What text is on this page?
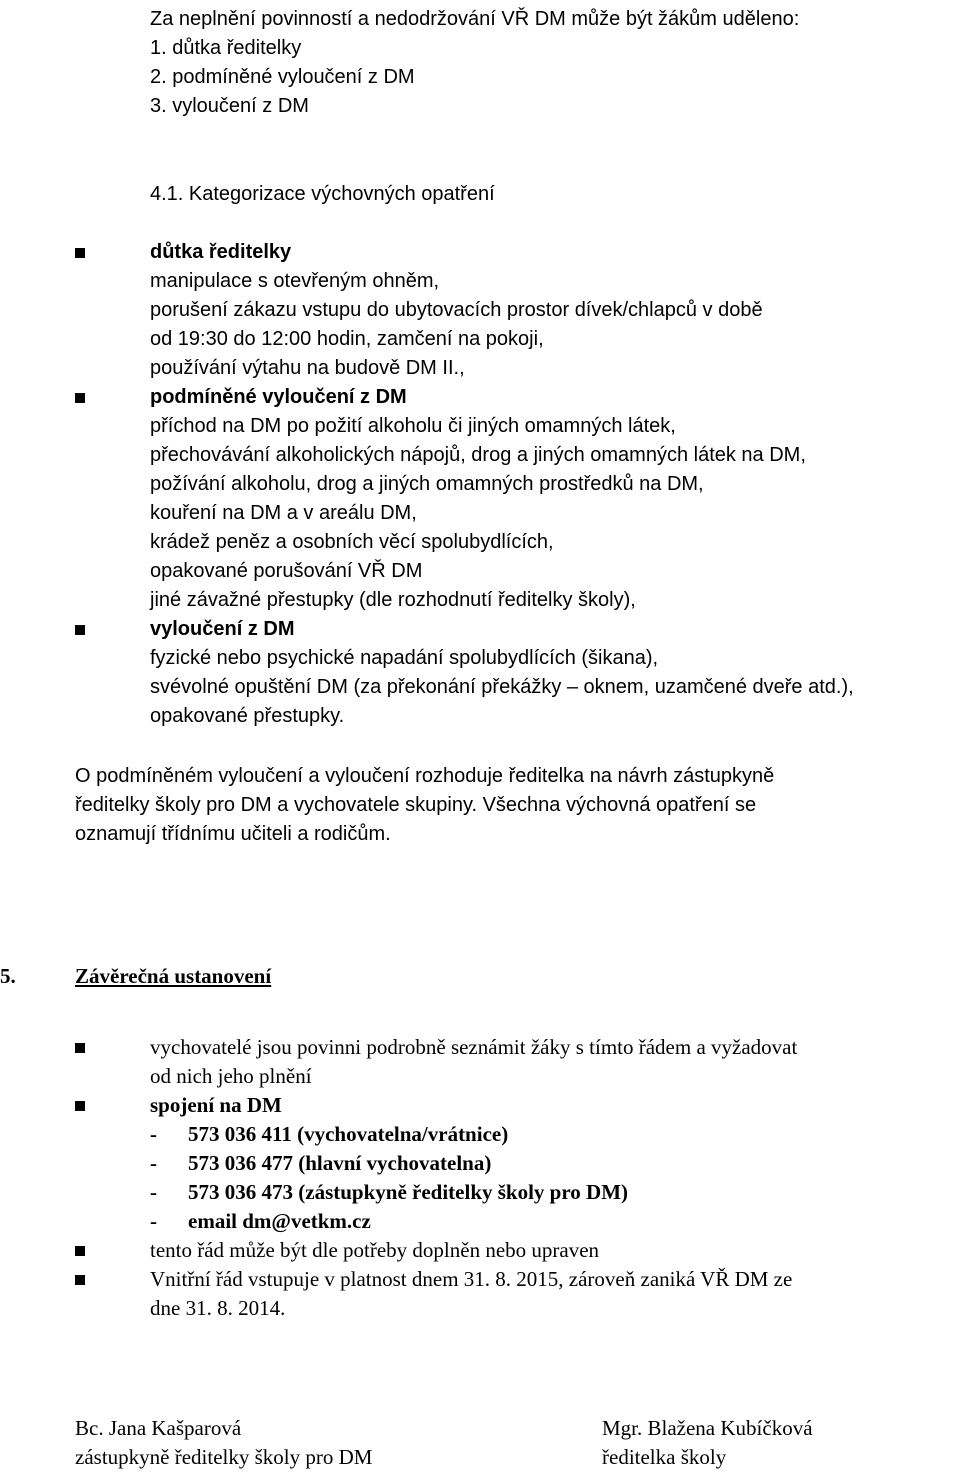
Za neplnění povinností a nedodržování VŘ DM může být žákům uděleno:
1. důtka ředitelky
2. podmíněné vyloučení z DM
3. vyloučení z DM
4.1. Kategorizace výchovných opatření
důtka ředitelky
manipulace s otevřeným ohněm,
porušení zákazu vstupu do ubytovacích prostor dívek/chlapců v době
od 19:30 do 12:00 hodin, zamčení na pokoji,
používání výtahu na budově DM II.,
podmíněné vyloučení z DM
příchod na DM po požití alkoholu či jiných omamných látek,
přechovávání alkoholických nápojů, drog a jiných omamných látek na DM,
požívání alkoholu, drog a jiných omamných prostředků na DM,
kouření na DM a v areálu DM,
krádež peněz a osobních věcí spolubydlících,
opakované porušování VŘ DM
jiné závažné přestupky (dle rozhodnutí ředitelky školy),
vyloučení z DM
fyzické nebo psychické napadání spolubydlících (šikana),
svévolné opuštění DM (za překonání překážky – oknem, uzamčené dveře atd.),
opakované přestupky.
O podmíněném vyloučení a vyloučení rozhoduje ředitelka na návrh zástupkyně
ředitelky školy pro DM a vychovatele skupiny. Všechna výchovná opatření se
oznamují třídnímu učiteli a rodičům.
5.	Závěrečná ustanovení
vychovatelé jsou povinni podrobně seznámit žáky s tímto řádem a vyžadovat
od nich jeho plnění
spojení na DM
- 573 036 411 (vychovatelna/vrátnice)
- 573 036 477 (hlavní vychovatelna)
- 573 036 473 (zástupkyně ředitelky školy pro DM)
- email dm@vetkm.cz
tento řád může být dle potřeby doplněn nebo upraven
Vnitřní řád vstupuje v platnost dnem 31. 8. 2015, zároveň zaniká VŘ DM ze
dne 31. 8. 2014.
Bc. Jana Kašparová
zástupkyně ředitelky školy pro DM
Mgr. Blažena Kubíčková
ředitelka školy
